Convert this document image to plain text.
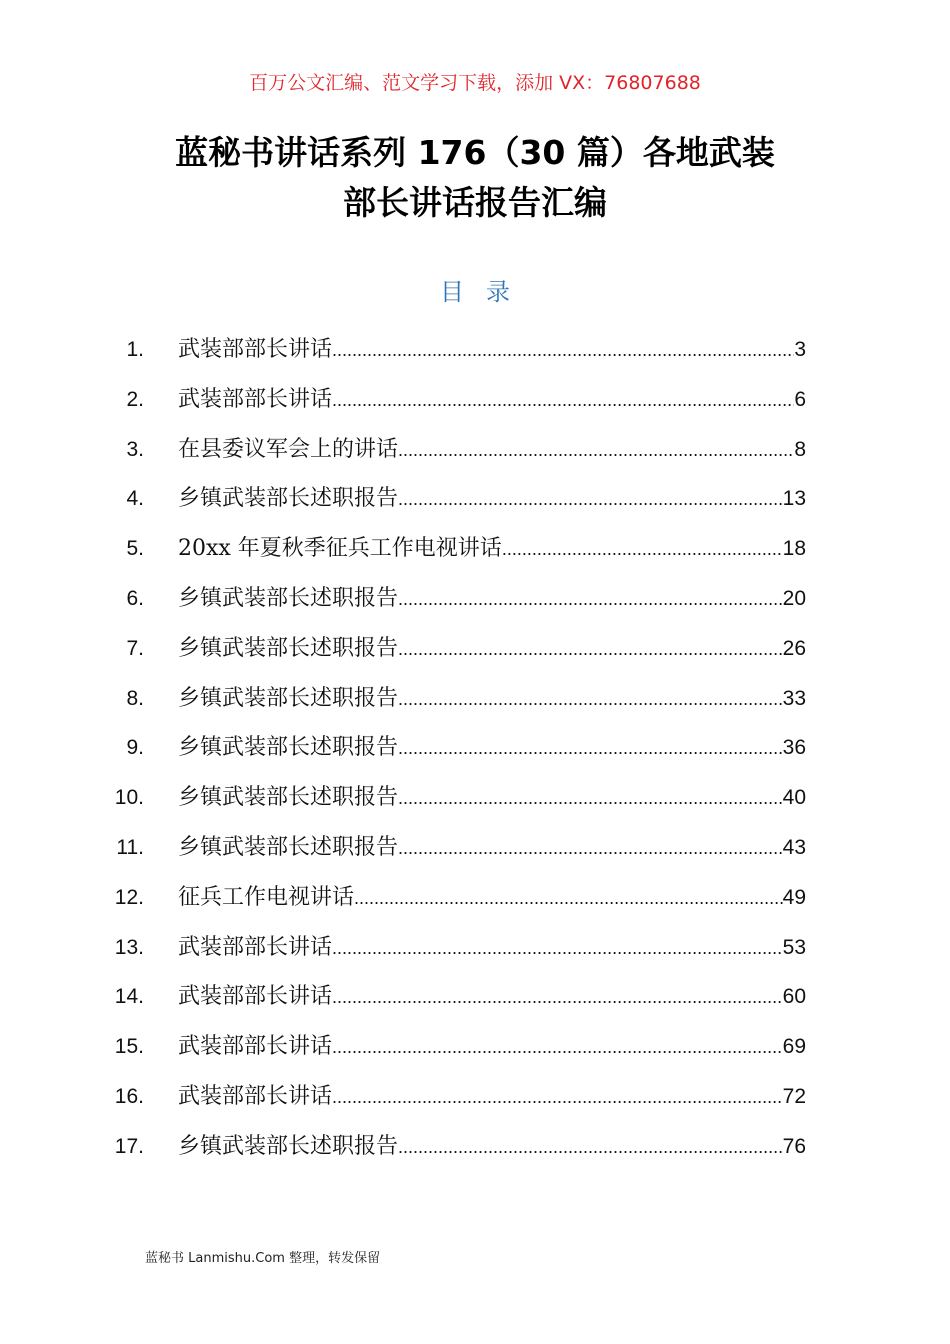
百万公文汇编、范文学习下载，添加 VX：76807688
蓝秘书讲话系列 176（30 篇）各地武装
部长讲话报告汇编
目录
1. 武装部部长讲话 .....	3
2. 武装部部长讲话 .....	6
3. 在县委议军会上的讲话 .....	8
4. 乡镇武装部长述职报告 .....	13
5. 20xx 年夏秋季征兵工作电视讲话 .....	18
6. 乡镇武装部长述职报告 .....	20
7. 乡镇武装部长述职报告 .....	26
8. 乡镇武装部长述职报告 .....	33
9. 乡镇武装部长述职报告 .....	36
10. 乡镇武装部长述职报告 .....	40
11. 乡镇武装部长述职报告 .....	43
12. 征兵工作电视讲话 .....	49
13. 武装部部长讲话 .....	53
14. 武装部部长讲话 .....	60
15. 武装部部长讲话 .....	69
16. 武装部部长讲话 .....	72
17. 乡镇武装部长述职报告 .....	76
蓝秘书 Lanmishu.Com 整理，转发保留
